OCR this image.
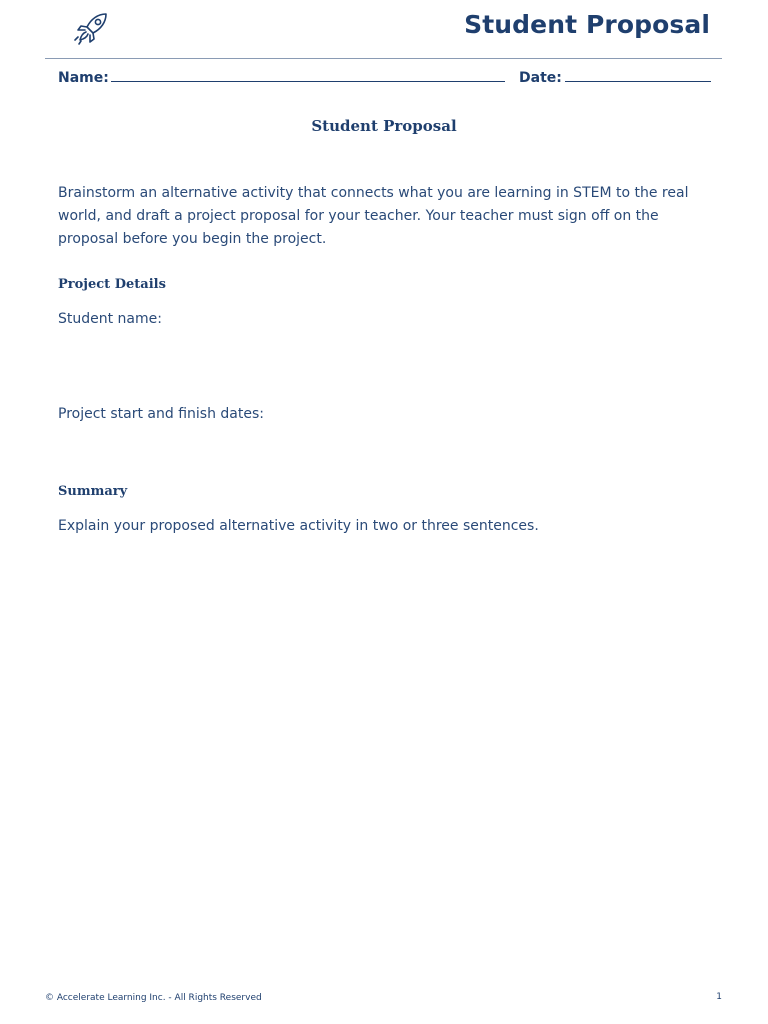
Student Proposal
Name:	Date:
Student Proposal

Brainstorm an alternative activity that connects what you are learning in STEM to the real world, and draft a project proposal for your teacher. Your teacher must sign off on the proposal before you begin the project.

Project Details
Student name:
Project start and finish dates:
Summary
Explain your proposed alternative activity in two or three sentences.
© Accelerate Learning Inc. - All Rights Reserved	1
